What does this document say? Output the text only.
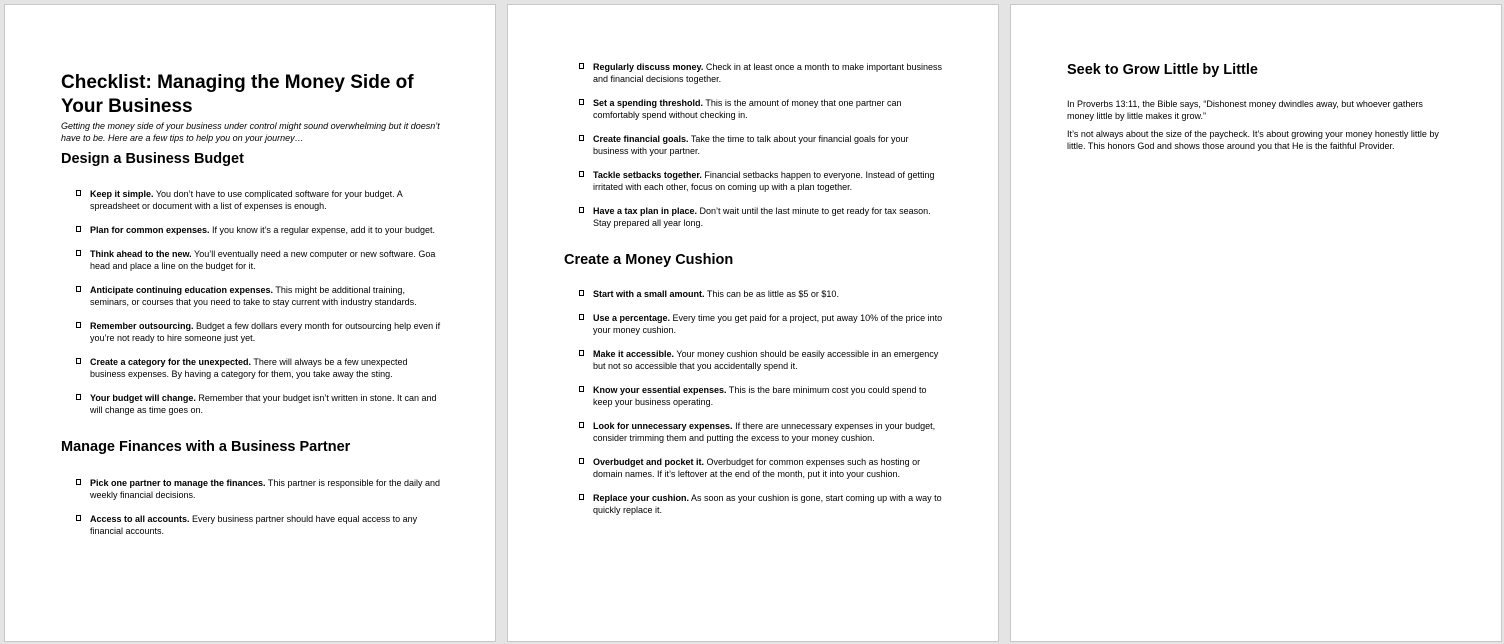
Checklist: Managing the Money Side of Your Business

Getting the money side of your business under control might sound overwhelming but it doesn’t have to be. Here are a few tips to help you on your journey…

Design a Business Budget
Keep it simple. You don’t have to use complicated software for your budget. A spreadsheet or document with a list of expenses is enough.
Plan for common expenses. If you know it’s a regular expense, add it to your budget.
Think ahead to the new. You’ll eventually need a new computer or new software. Goa head and place a line on the budget for it.
Anticipate continuing education expenses. This might be additional training, seminars, or courses that you need to take to stay current with industry standards.
Remember outsourcing. Budget a few dollars every month for outsourcing help even if you’re not ready to hire someone just yet.
Create a category for the unexpected. There will always be a few unexpected business expenses. By having a category for them, you take away the sting.
Your budget will change. Remember that your budget isn’t written in stone. It can and will change as time goes on.
Manage Finances with a Business Partner
Pick one partner to manage the finances. This partner is responsible for the daily and weekly financial decisions.
Access to all accounts. Every business partner should have equal access to any financial accounts.
Regularly discuss money. Check in at least once a month to make important business and financial decisions together.
Set a spending threshold. This is the amount of money that one partner can comfortably spend without checking in.
Create financial goals. Take the time to talk about your financial goals for your business with your partner.
Tackle setbacks together. Financial setbacks happen to everyone. Instead of getting irritated with each other, focus on coming up with a plan together.
Have a tax plan in place. Don’t wait until the last minute to get ready for tax season. Stay prepared all year long.
Create a Money Cushion
Start with a small amount. This can be as little as $5 or $10.
Use a percentage. Every time you get paid for a project, put away 10% of the price into your money cushion.
Make it accessible. Your money cushion should be easily accessible in an emergency but not so accessible that you accidentally spend it.
Know your essential expenses. This is the bare minimum cost you could spend to keep your business operating.
Look for unnecessary expenses. If there are unnecessary expenses in your budget, consider trimming them and putting the excess to your money cushion.
Overbudget and pocket it. Overbudget for common expenses such as hosting or domain names. If it’s leftover at the end of the month, put it into your cushion.
Replace your cushion. As soon as your cushion is gone, start coming up with a way to quickly replace it.
Seek to Grow Little by Little

In Proverbs 13:11, the Bible says, “Dishonest money dwindles away, but whoever gathers money little by little makes it grow.”

It’s not always about the size of the paycheck. It’s about growing your money honestly little by little. This honors God and shows those around you that He is the faithful Provider.
